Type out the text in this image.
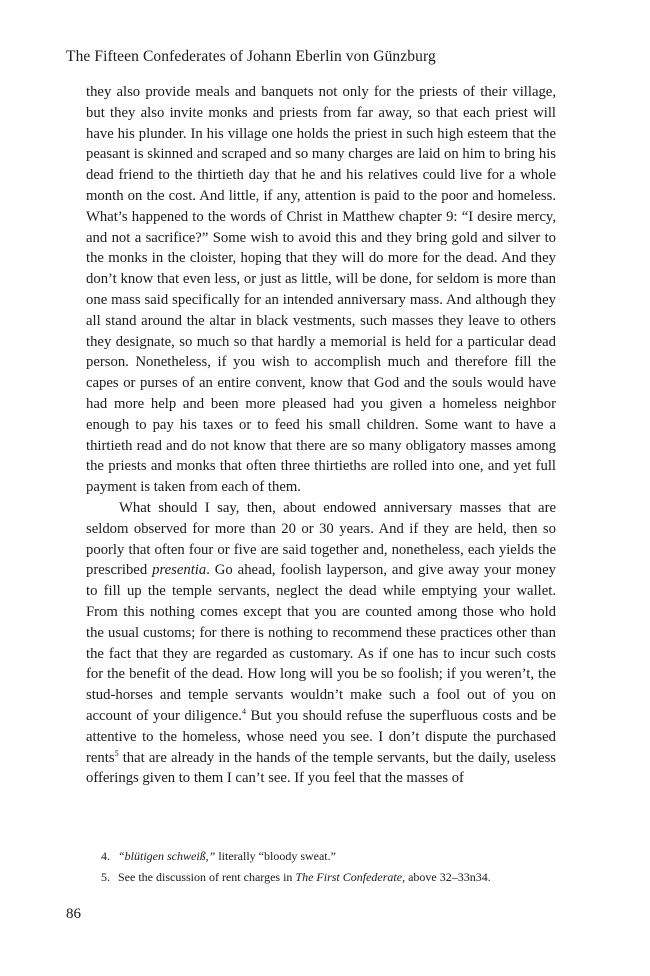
The Fifteen Confederates of Johann Eberlin von Günzburg

they also provide meals and banquets not only for the priests of their village, but they also invite monks and priests from far away, so that each priest will have his plunder. In his village one holds the priest in such high esteem that the peasant is skinned and scraped and so many charges are laid on him to bring his dead friend to the thirtieth day that he and his relatives could live for a whole month on the cost. And little, if any, attention is paid to the poor and homeless. What’s happened to the words of Christ in Matthew chapter 9: “I desire mercy, and not a sacrifice?” Some wish to avoid this and they bring gold and silver to the monks in the cloister, hoping that they will do more for the dead. And they don’t know that even less, or just as little, will be done, for seldom is more than one mass said specifically for an intended anniversary mass. And although they all stand around the altar in black vestments, such masses they leave to others they designate, so much so that hardly a memorial is held for a particular dead person. Nonetheless, if you wish to accomplish much and therefore fill the capes or purses of an entire convent, know that God and the souls would have had more help and been more pleased had you given a homeless neighbor enough to pay his taxes or to feed his small children. Some want to have a thirtieth read and do not know that there are so many obligatory masses among the priests and monks that often three thirtieths are rolled into one, and yet full payment is taken from each of them.

What should I say, then, about endowed anniversary masses that are seldom observed for more than 20 or 30 years. And if they are held, then so poorly that often four or five are said together and, nonetheless, each yields the prescribed presentia. Go ahead, foolish layperson, and give away your money to fill up the temple servants, neglect the dead while emptying your wallet. From this nothing comes except that you are counted among those who hold the usual customs; for there is nothing to recommend these practices other than the fact that they are regarded as customary. As if one has to incur such costs for the benefit of the dead. How long will you be so foolish; if you weren’t, the stud-horses and temple servants wouldn’t make such a fool out of you on account of your diligence.$^4$ But you should refuse the superfluous costs and be attentive to the homeless, whose need you see. I don’t dispute the purchased rents$^5$ that are already in the hands of the temple servants, but the daily, useless offerings given to them I can’t see. If you feel that the masses of

4. “blütigen schweiß,” literally “bloody sweat.”
5. See the discussion of rent charges in The First Confederate, above 32–33n34.
86
